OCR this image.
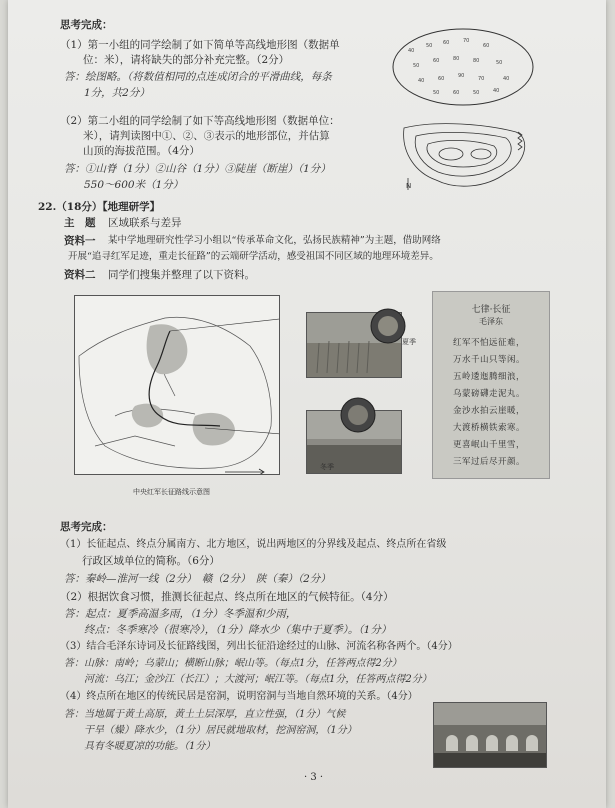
思考完成：
（1）第一小组的同学绘制了如下简单等高线地形图（数据单
位：米），请将缺失的部分补充完整。（2分）
答：绘图略。（将数值相同的点连成闭合的平滑曲线，每条
1分，共2分）
（2）第二小组的同学绘制了如下等高线地形图（数据单位：
米），请判读图中①、②、③表示的地形部位，并估算
山顶的海拔范围。（4分）
答：①山脊（1分）②山谷（1分）③陡崖（断崖）（1分）
550～600米（1分）
40
50 60	70
60
50
60	80	80	50
40	60	90	70	40
50	60	50	40
N
22.（18分）【地理研学】
主　题 区域联系与差异
资料一 某中学地理研究性学习小组以“传承革命文化，弘扬民族精神”为主题，借助网络
开展“追寻红军足迹，重走长征路”的云端研学活动，感受祖国不同区域的地理环境差异。
资料二 同学们搜集并整理了以下资料。
中央红军长征路线示意图
夏季
冬季
七律·长征
毛泽东
红军不怕远征难，
万水千山只等闲。
五岭逶迤腾细浪，
乌蒙磅礴走泥丸。
金沙水拍云崖暖，
大渡桥横铁索寒。
更喜岷山千里雪，
三军过后尽开颜。
思考完成：
（1）长征起点、终点分属南方、北方地区，说出两地区的分界线及起点、终点所在省级
行政区域单位的简称。（6分）
答：秦岭—淮河一线（2分）　赣（2分）　陕（秦）（2分）
（2）根据饮食习惯，推测长征起点、终点所在地区的气候特征。（4分）
答：起点：夏季高温多雨，（1分）冬季温和少雨，
终点：冬季寒冷（很寒冷），（1分）降水少（集中于夏季）。（1分）
（3）结合毛泽东诗词及长征路线图，列出长征沿途经过的山脉、河流名称各两个。（4分）
答：山脉：南岭；乌蒙山；横断山脉；岷山等。（每点1分，任答两点得2分）
河流：乌江；金沙江（长江）；大渡河；岷江等。（每点1分，任答两点得2分）
（4）终点所在地区的传统民居是窑洞，说明窑洞与当地自然环境的关系。（4分）
答：当地属于黄土高原，黄土土层深厚，直立性强，（1分）气候
干旱（燥）降水少，（1分）居民就地取材，挖洞窑洞，（1分）
具有冬暖夏凉的功能。（1分）
· 3 ·
